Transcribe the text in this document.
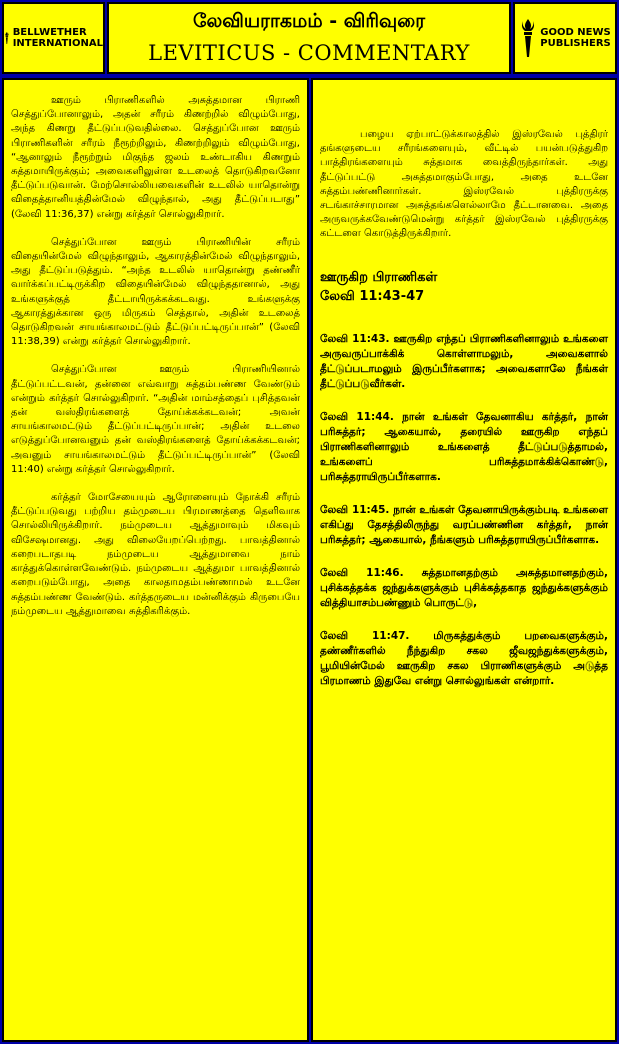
BELLWETHER
INTERNATIONAL
லேவியராகமம் - விரிவுரை
LEVITICUS - COMMENTARY
GOOD NEWS
PUBLISHERS

ஊரும் பிராணிகளில் அசுத்தமான பிராணி செத்துப்போனாலும், அதன் சரீரம் கிணற்றில் விழும்போது, அந்த கிணறு தீட்டுப்படுவதில்லை. செத்துப்போன ஊரும் பிராணிகளின் சரீரம் நீரூற்றிலும், கிணற்றிலும் விழும்போது, “ஆனாலும் நீரூற்றும் மிகுந்த ஜலம் உண்டாகிய கிணறும் சுத்தமாயிருக்கும்; அவைகளிலுள்ள உடலைத் தொடுகிறவனோ தீட்டுப்படுவான். மேற்சொல்லியவைகளின் உடலில் யாதொன்று விதைத்தானியத்தின்மேல் விழுந்தால், அது தீட்டுப்படாது” (லேவி 11:36,37) என்று கர்த்தர் சொல்லுகிறார்.

செத்துப்போன ஊரும் பிராணியின் சரீரம் விதையின்மேல் விழுந்தாலும், ஆகாரத்தின்மேல் விழுந்தாலும், அது தீட்டுப்படுத்தும். “அந்த உடலில் யாதொன்று தண்ணீர் வார்க்கப்பட்டிருக்கிற விதையின்மேல் விழுந்ததானால், அது உங்களுக்குத் தீட்டாயிருக்கக்கடவது. உங்களுக்கு ஆகாரத்துக்கான ஒரு மிருகம் செத்தால், அதின் உடலைத் தொடுகிறவன் சாயங்காலமட்டும் தீட்டுப்பட்டிருப்பான்” (லேவி 11:38,39) என்று கர்த்தர் சொல்லுகிறார்.

செத்துப்போன ஊரும் பிராணியினால் தீட்டுப்பட்டவன், தன்னை எவ்வாறு சுத்தம்பண்ண வேண்டும் என்றும் கர்த்தர் சொல்லுகிறார். “அதின் மாம்சத்தைப் புசித்தவன் தன் வஸ்திரங்களைத் தோய்க்கக்கடவன்; அவன் சாயங்காலமட்டும் தீட்டுப்பட்டிருப்பான்; அதின் உடலை எடுத்துப்போனவனும் தன் வஸ்திரங்களைத் தோய்க்கக்கடவன்; அவனும் சாயங்காலமட்டும் தீட்டுப்பட்டிருப்பான்” (லேவி 11:40) என்று கர்த்தர் சொல்லுகிறார்.

கர்த்தர் மோசேயையும் ஆரோனையும் நோக்கி சரீரம் தீட்டுப்படுவது பற்றிய தம்முடைய பிரமாணத்தை தெளிவாக சொல்லியிருக்கிறார். நம்முடைய ஆத்துமாவும் மிகவும் விசேஷமானது. அது விலையேறப்பெற்றது. பாவத்தினால் கறைபடாதபடி நம்முடைய ஆத்துமாவை நாம் காத்துக்கொள்ளவேண்டும். நம்முடைய ஆத்துமா பாவத்தினால் கறைபடும்போது, அதை காலதாமதம்பண்ணாமல் உடனே சுத்தம்பண்ண வேண்டும். கர்த்தருடைய மன்னிக்கும் கிருபையே நம்முடைய ஆத்துமாவை சுத்திகரிக்கும்.

பழைய ஏற்பாட்டுக்காலத்தில் இஸ்ரவேல் புத்திரர் தங்களுடைய சரீரங்களையும், வீட்டில் பயன்படுத்துகிற பாத்திரங்களையும் சுத்தமாக வைத்திருந்தார்கள். அது தீட்டுப்பட்டு அசுத்தமாகும்போது, அதை உடனே சுத்தம்பண்ணினார்கள். இஸ்ரவேல் புத்திரருக்கு சடங்காச்சாரமான அசுத்தங்களெல்லாமே தீட்டானவை. அதை அருவருக்கவேண்டுமென்று கர்த்தர் இஸ்ரவேல் புத்திரருக்கு கட்டளை கொடுத்திருக்கிறார்.

ஊருகிற பிராணிகள்

லேவி 11:43-47

லேவி 11:43. ஊருகிற எந்தப் பிராணிகளினாலும் உங்களை அருவருப்பாக்கிக் கொள்ளாமலும், அவைகளால் தீட்டுப்படாமலும் இருப்பீர்களாக; அவைகளாலே நீங்கள் தீட்டுப்படுவீர்கள்.

லேவி 11:44. நான் உங்கள் தேவனாகிய கர்த்தர், நான் பரிசுத்தர்; ஆகையால், தரையில் ஊருகிற எந்தப் பிராணிகளினாலும் உங்களைத் தீட்டுப்படுத்தாமல், உங்களைப் பரிசுத்தமாக்கிக்கொண்டு, பரிசுத்தராயிருப்பீர்களாக.

லேவி 11:45. நான் உங்கள் தேவனாயிருக்கும்படி உங்களை எகிப்து தேசத்திலிருந்து வரப்பண்ணின கர்த்தர், நான் பரிசுத்தர்; ஆகையால், நீங்களும் பரிசுத்தராயிருப்பீர்களாக.

லேவி 11:46. சுத்தமானதற்கும் அசுத்தமானதற்கும், புசிக்கத்தக்க ஜந்துக்களுக்கும் புசிக்கத்தகாத ஜந்துக்களுக்கும் வித்தியாசம்பண்ணும் பொருட்டு,

லேவி 11:47. மிருகத்துக்கும் பறவைகளுக்கும், தண்ணீர்களில் நீந்துகிற சகல ஜீவஜந்துக்களுக்கும், பூமியின்மேல் ஊருகிற சகல பிராணிகளுக்கும் அடுத்த பிரமாணம் இதுவே என்று சொல்லுங்கள் என்றார்.
